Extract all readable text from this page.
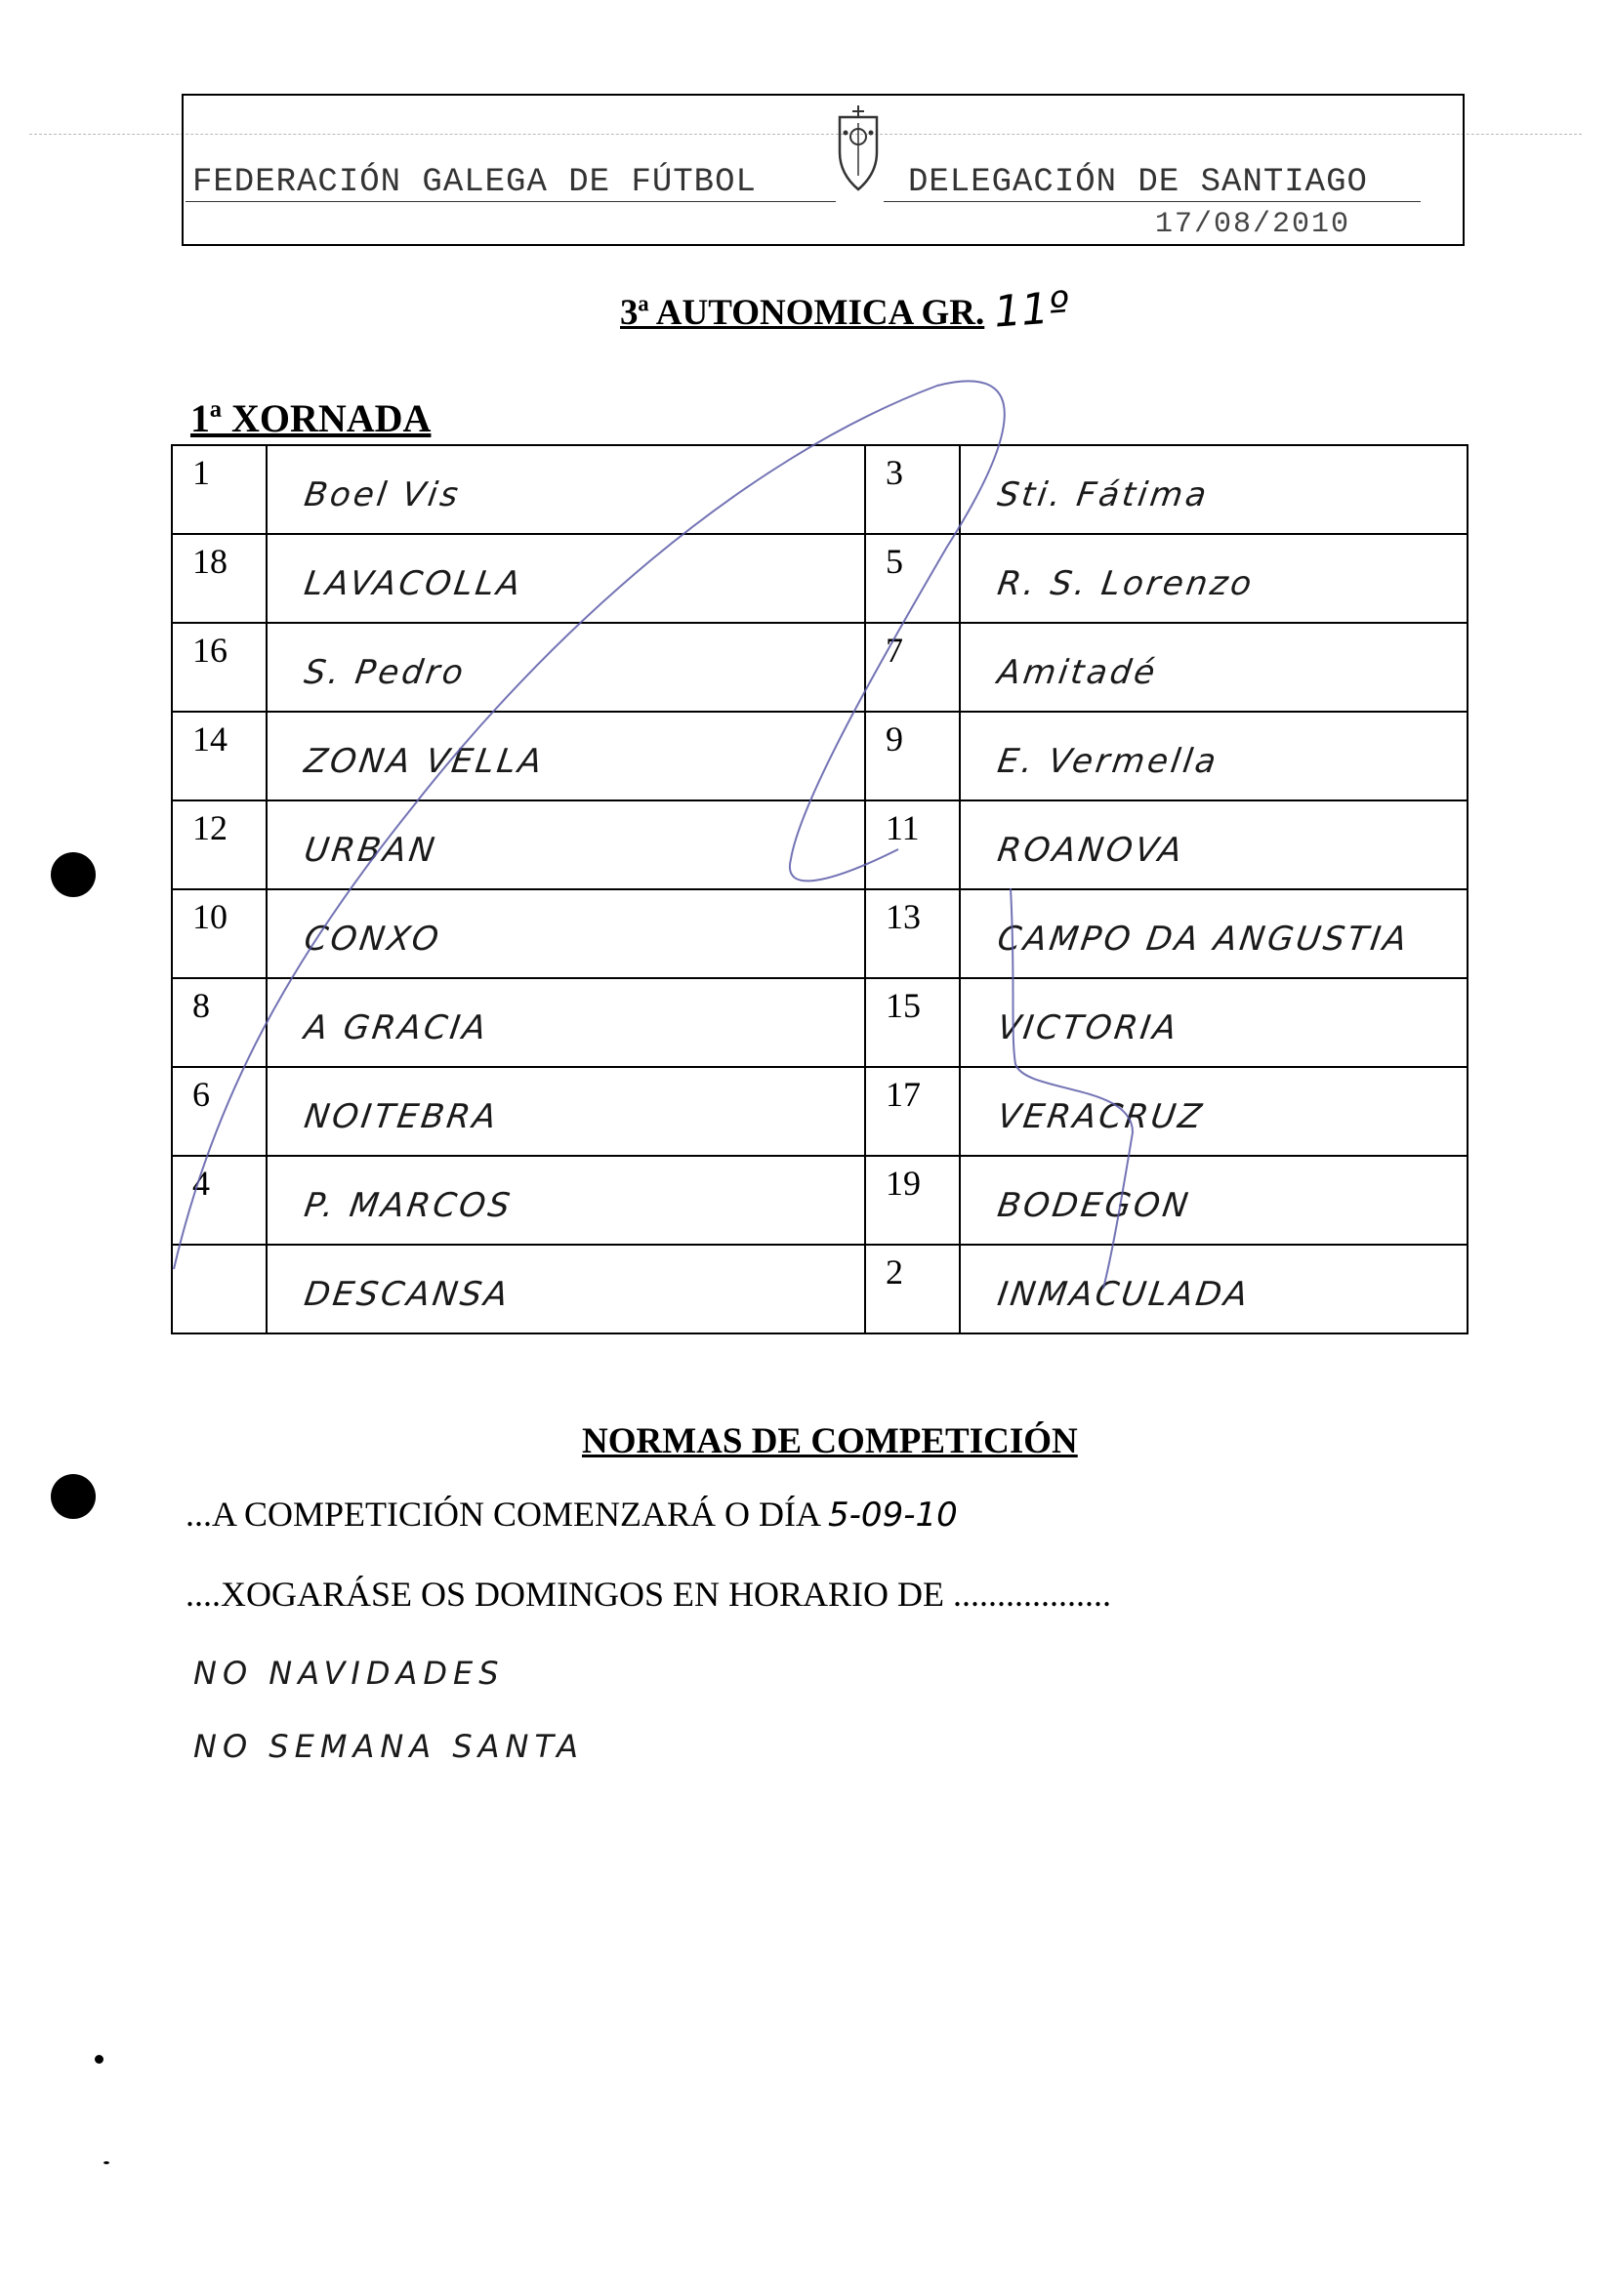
FEDERACIÓN GALEGA DE FÚTBOL	DELEGACIÓN DE SANTIAGO
17/08/2010
3ª AUTONOMICA GR. 11º
1ª XORNADA
1	Boel Vis	3	Sti. Fátima
18	LAVACOLLA	5	R. S. Lorenzo
16	S. Pedro	7	Amitadé
14	ZONA VELLA	9	E. Vermella
12	URBAN	11	ROANOVA
10	CONXO	13	CAMPO DA ANGUSTIA
8	A GRACIA	15	VICTORIA
6	NOITEBRA	17	VERACRUZ
4	P. MARCOS	19	BODEGON
	DESCANSA	2	INMACULADA
NORMAS DE COMPETICIÓN
...A COMPETICIÓN COMENZARÁ O DÍA 5-09-10
....XOGARÁSE OS DOMINGOS EN HORARIO DE ..................
NO NAVIDADES
NO SEMANA SANTA
